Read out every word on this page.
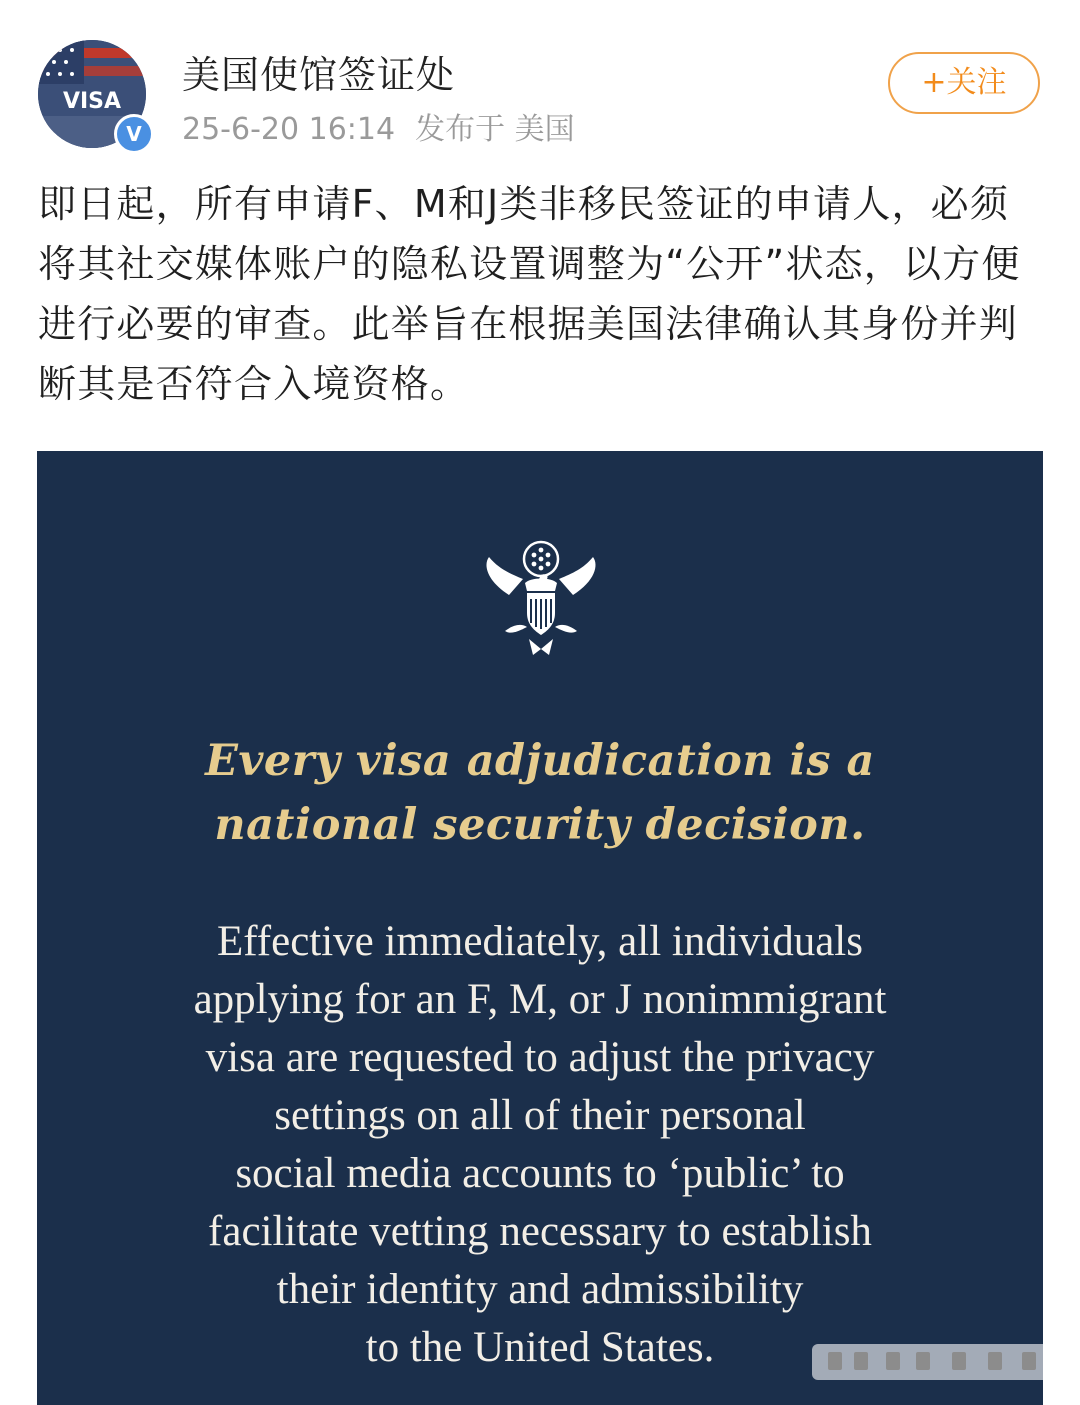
VISA
V
美国使馆签证处
25-6-20 16:14 发布于 美国
+关注
即日起，所有申请F、M和J类非移民签证的申请人，必须将其社交媒体账户的隐私设置调整为“公开”状态，以方便进行必要的审查。此举旨在根据美国法律确认其身份并判断其是否符合入境资格。
Every visa adjudication is a
national security decision.
Effective immediately, all individuals
applying for an F, M, or J nonimmigrant
visa are requested to adjust the privacy
settings on all of their personal
social media accounts to ‘public’ to
facilitate vetting necessary to establish
their identity and admissibility
to the United States.
